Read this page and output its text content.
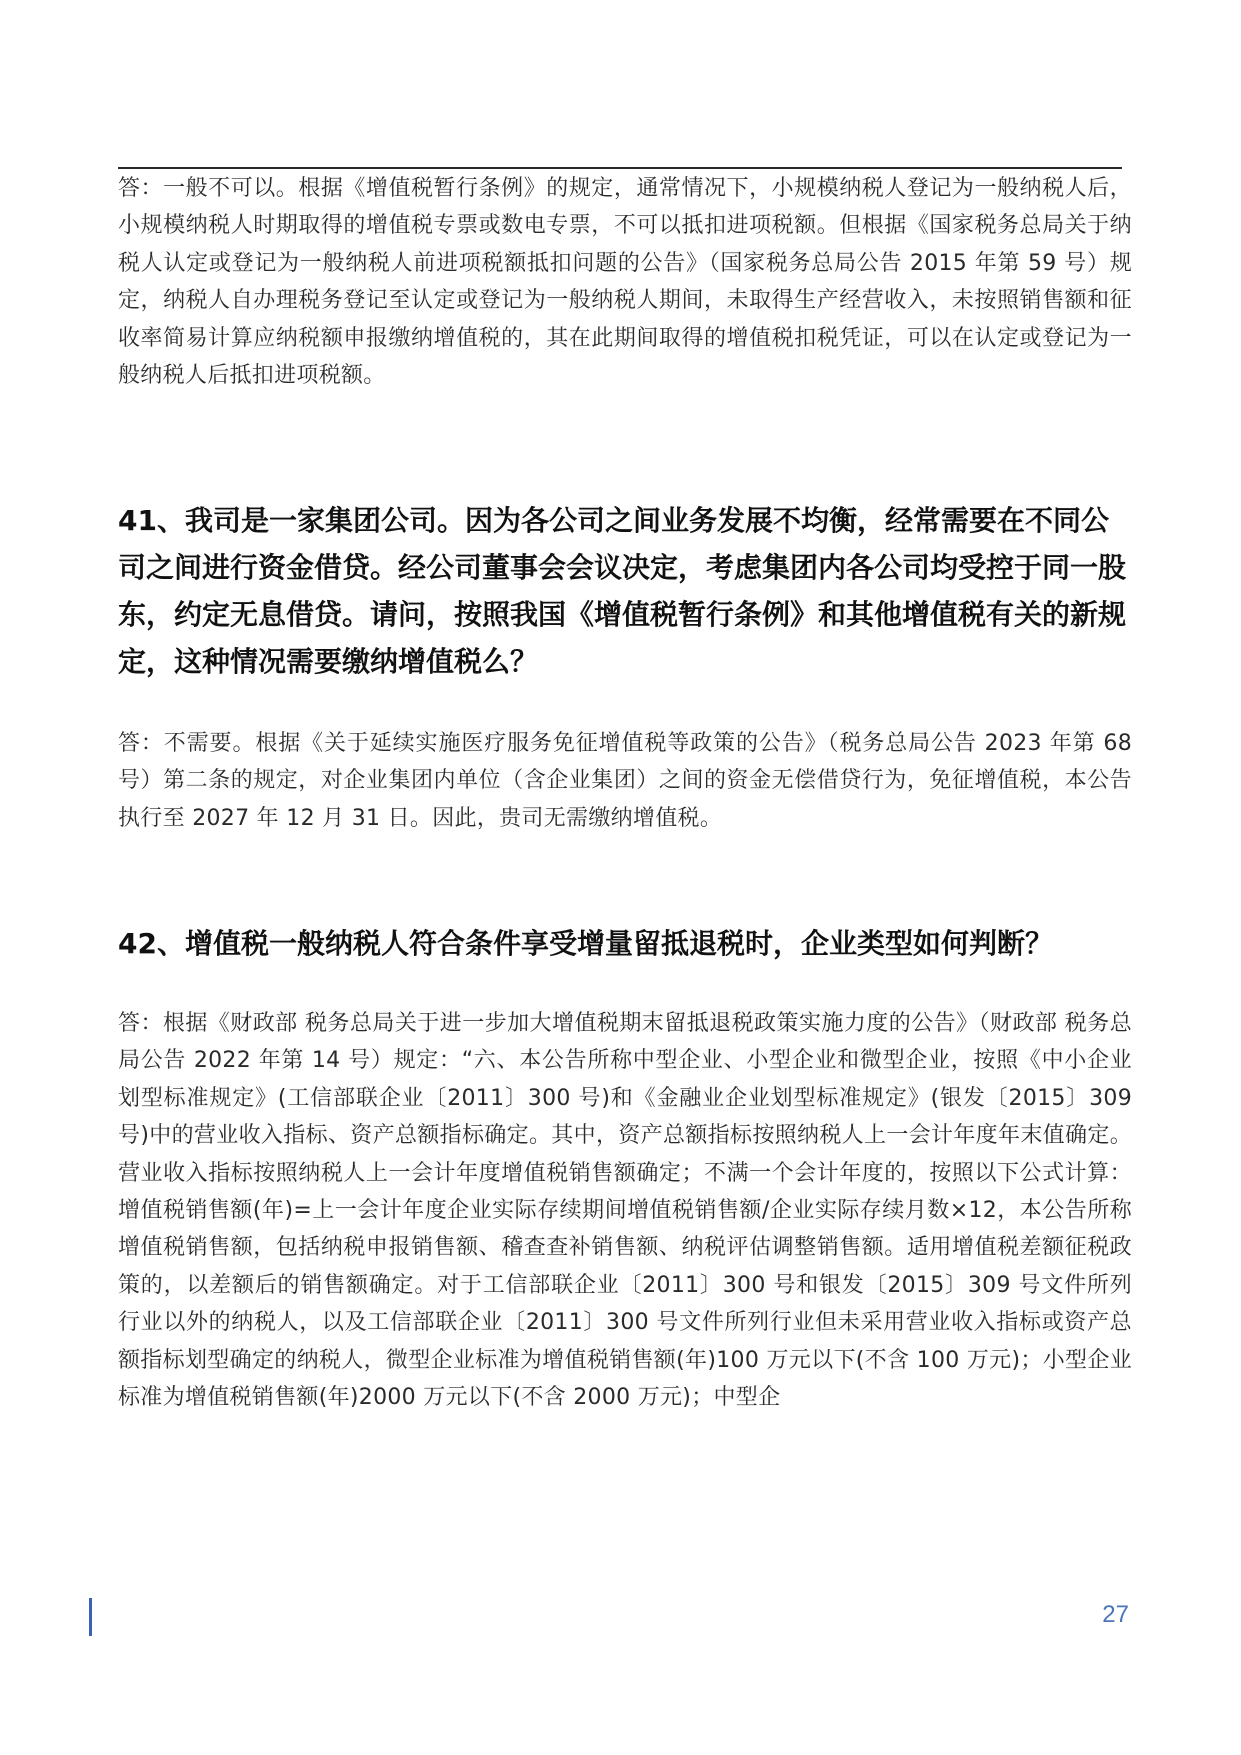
答：一般不可以。根据《增值税暂行条例》的规定，通常情况下，小规模纳税人登记为一般纳税人后，小规模纳税人时期取得的增值税专票或数电专票，不可以抵扣进项税额。但根据《国家税务总局关于纳税人认定或登记为一般纳税人前进项税额抵扣问题的公告》（国家税务总局公告 2015 年第 59 号）规定，纳税人自办理税务登记至认定或登记为一般纳税人期间，未取得生产经营收入，未按照销售额和征收率简易计算应纳税额申报缴纳增值税的，其在此期间取得的增值税扣税凭证，可以在认定或登记为一般纳税人后抵扣进项税额。

41、我司是一家集团公司。因为各公司之间业务发展不均衡，经常需要在不同公司之间进行资金借贷。经公司董事会会议决定，考虑集团内各公司均受控于同一股东，约定无息借贷。请问，按照我国《增值税暂行条例》和其他增值税有关的新规定，这种情况需要缴纳增值税么？

答：不需要。根据《关于延续实施医疗服务免征增值税等政策的公告》（税务总局公告 2023 年第 68 号）第二条的规定，对企业集团内单位（含企业集团）之间的资金无偿借贷行为，免征增值税，本公告执行至 2027 年 12 月 31 日。因此，贵司无需缴纳增值税。

42、增值税一般纳税人符合条件享受增量留抵退税时，企业类型如何判断？

答：根据《财政部 税务总局关于进一步加大增值税期末留抵退税政策实施力度的公告》（财政部 税务总局公告 2022 年第 14 号）规定：“六、本公告所称中型企业、小型企业和微型企业，按照《中小企业划型标准规定》(工信部联企业〔2011〕300 号)和《金融业企业划型标准规定》(银发〔2015〕309 号)中的营业收入指标、资产总额指标确定。其中，资产总额指标按照纳税人上一会计年度年末值确定。营业收入指标按照纳税人上一会计年度增值税销售额确定；不满一个会计年度的，按照以下公式计算：增值税销售额(年)=上一会计年度企业实际存续期间增值税销售额/企业实际存续月数×12，本公告所称增值税销售额，包括纳税申报销售额、稽查查补销售额、纳税评估调整销售额。适用增值税差额征税政策的，以差额后的销售额确定。对于工信部联企业〔2011〕300 号和银发〔2015〕309 号文件所列行业以外的纳税人，以及工信部联企业〔2011〕300 号文件所列行业但未采用营业收入指标或资产总额指标划型确定的纳税人，微型企业标准为增值税销售额(年)100 万元以下(不含 100 万元)；小型企业标准为增值税销售额(年)2000 万元以下(不含 2000 万元)；中型企

27
